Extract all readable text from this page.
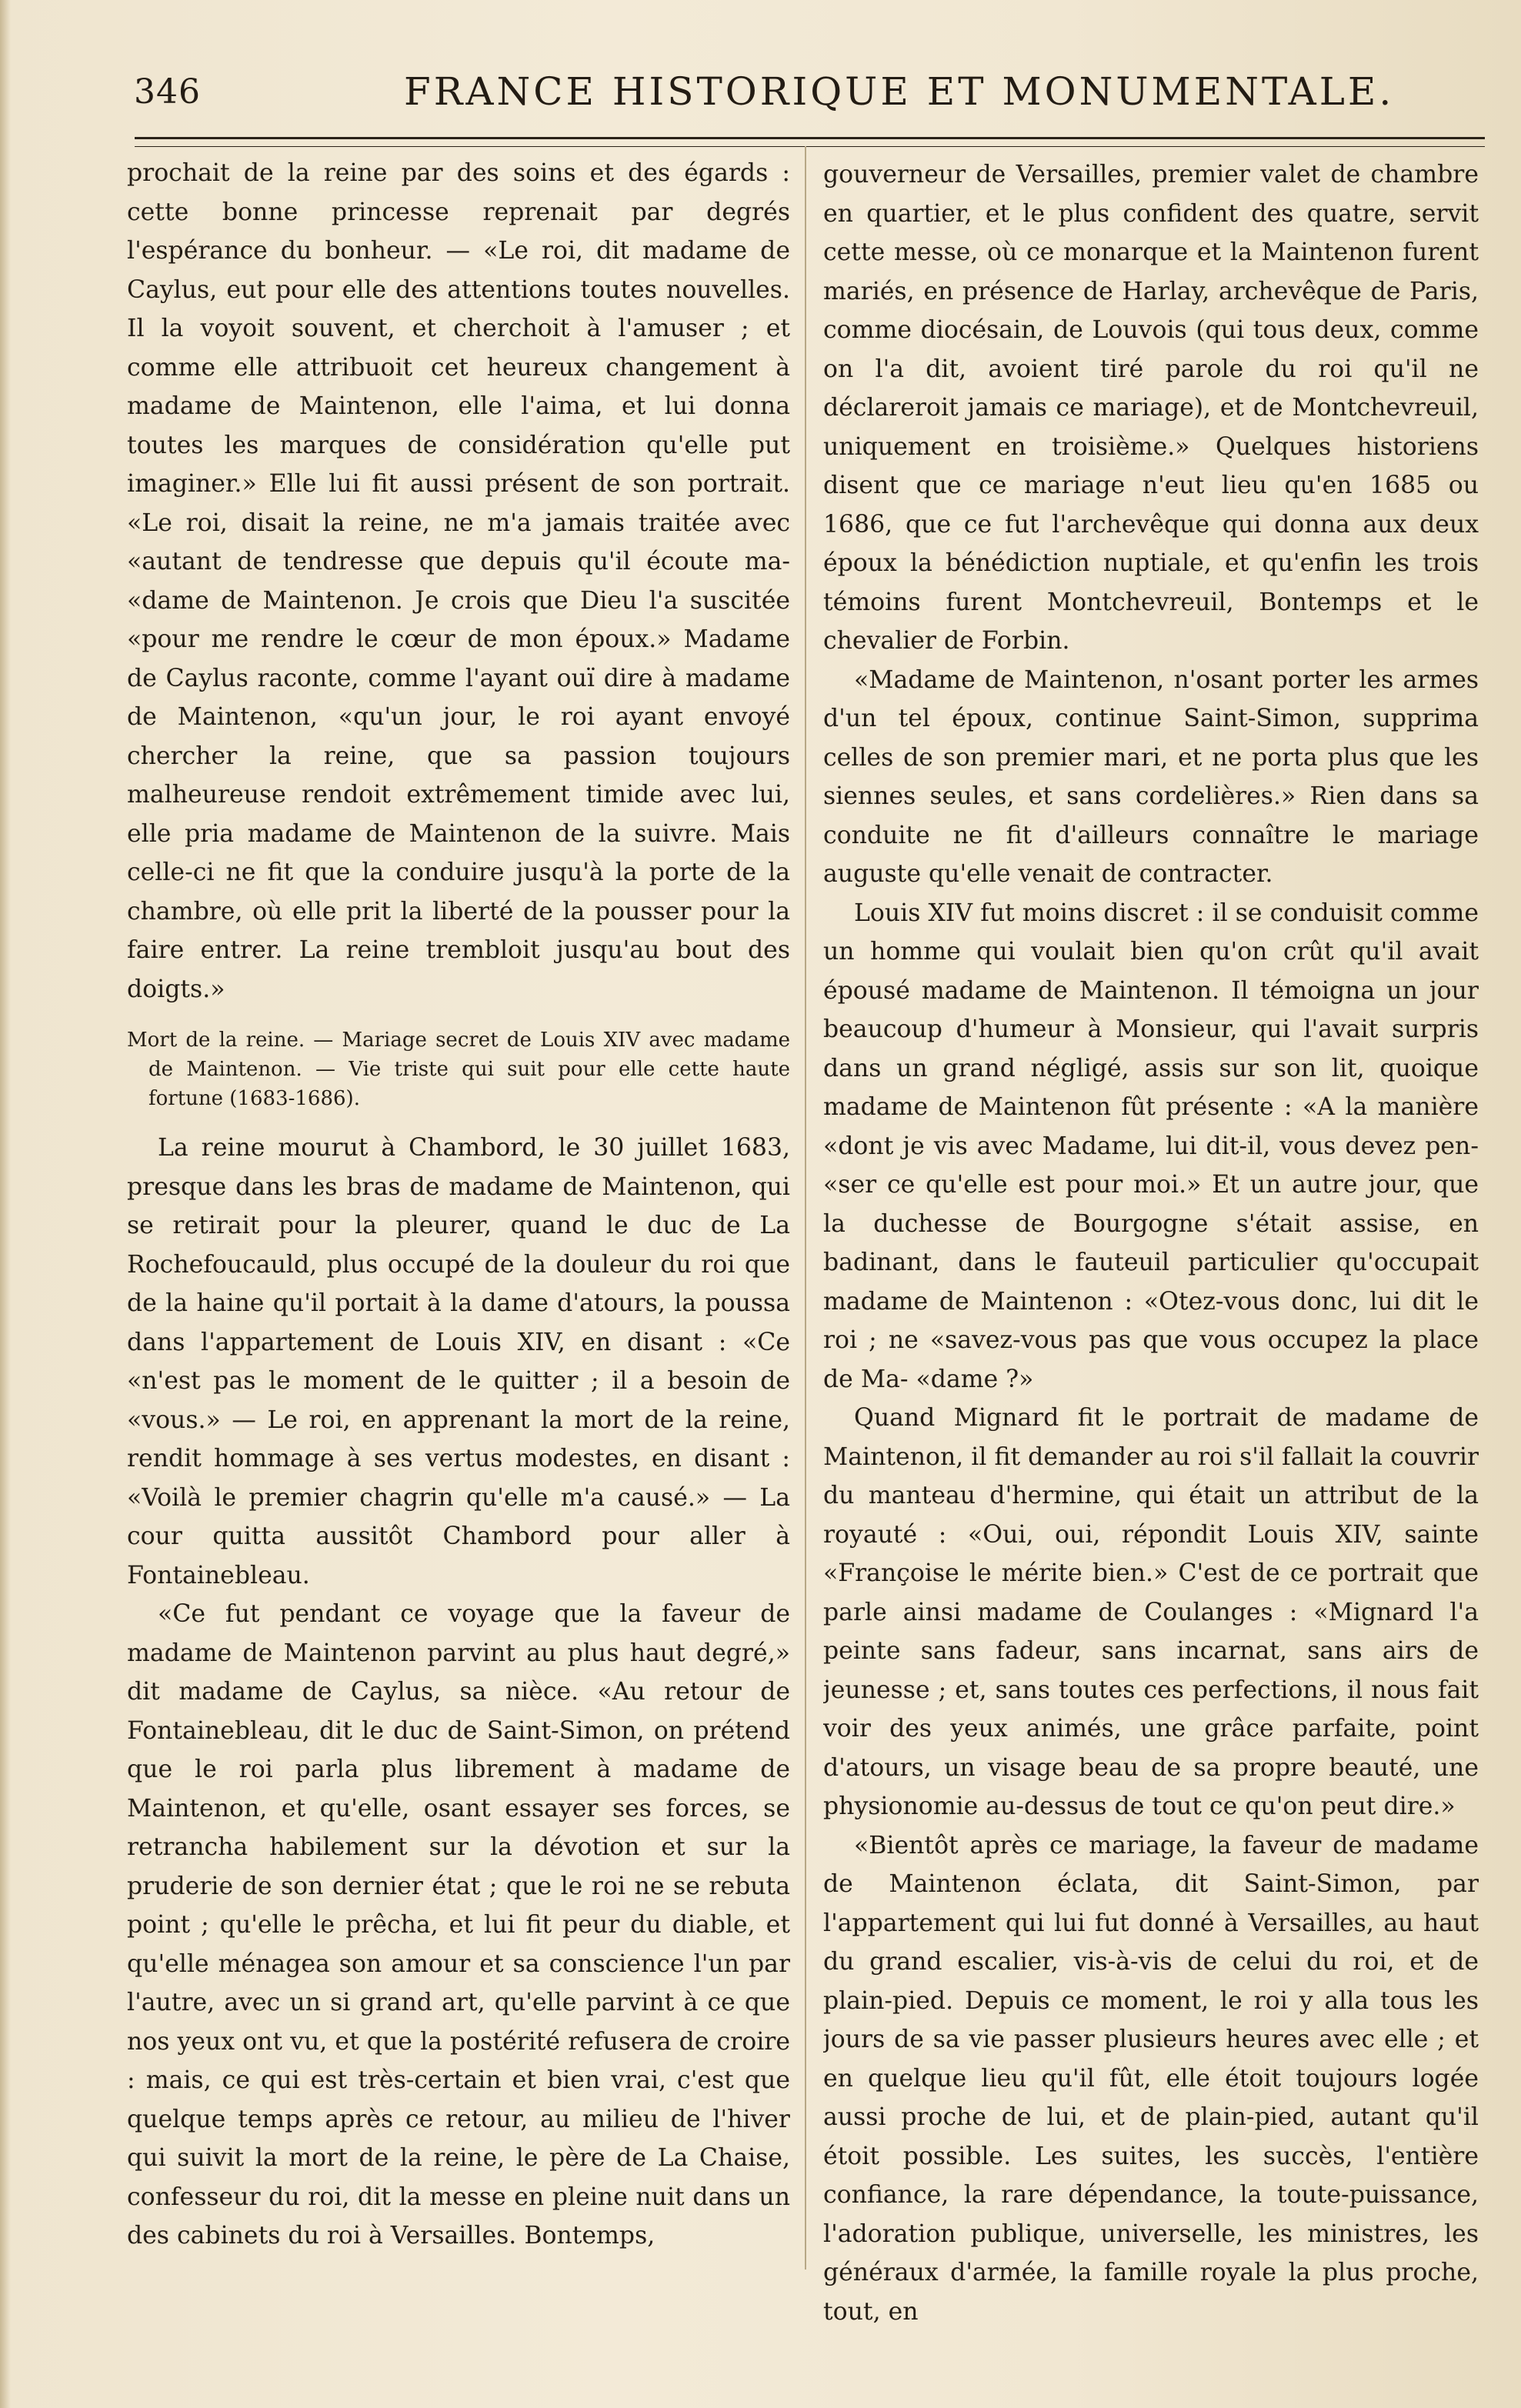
346	FRANCE HISTORIQUE ET MONUMENTALE.

prochait de la reine par des soins et des égards : cette bonne princesse reprenait par degrés l'espérance du bonheur. — «Le roi, dit madame de Caylus, eut pour elle des attentions toutes nouvelles. Il la voyoit souvent, et cherchoit à l'amuser ; et comme elle attribuoit cet heureux changement à madame de Maintenon, elle l'aima, et lui donna toutes les marques de considération qu'elle put imaginer.» Elle lui fit aussi présent de son portrait. «Le roi, disait la reine, ne m'a jamais traitée avec «autant de tendresse que depuis qu'il écoute ma- «dame de Maintenon. Je crois que Dieu l'a suscitée «pour me rendre le cœur de mon époux.» Madame de Caylus raconte, comme l'ayant ouï dire à madame de Maintenon, «qu'un jour, le roi ayant envoyé chercher la reine, que sa passion toujours malheureuse rendoit extrêmement timide avec lui, elle pria madame de Maintenon de la suivre. Mais celle-ci ne fit que la conduire jusqu'à la porte de la chambre, où elle prit la liberté de la pousser pour la faire entrer. La reine trembloit jusqu'au bout des doigts.»

Mort de la reine. — Mariage secret de Louis XIV avec madame de Maintenon. — Vie triste qui suit pour elle cette haute fortune (1683-1686).

La reine mourut à Chambord, le 30 juillet 1683, presque dans les bras de madame de Maintenon, qui se retirait pour la pleurer, quand le duc de La Rochefoucauld, plus occupé de la douleur du roi que de la haine qu'il portait à la dame d'atours, la poussa dans l'appartement de Louis XIV, en disant : «Ce «n'est pas le moment de le quitter ; il a besoin de «vous.» — Le roi, en apprenant la mort de la reine, rendit hommage à ses vertus modestes, en disant : «Voilà le premier chagrin qu'elle m'a causé.» — La cour quitta aussitôt Chambord pour aller à Fontainebleau.

«Ce fut pendant ce voyage que la faveur de madame de Maintenon parvint au plus haut degré,» dit madame de Caylus, sa nièce. «Au retour de Fontainebleau, dit le duc de Saint-Simon, on prétend que le roi parla plus librement à madame de Maintenon, et qu'elle, osant essayer ses forces, se retrancha habilement sur la dévotion et sur la pruderie de son dernier état ; que le roi ne se rebuta point ; qu'elle le prêcha, et lui fit peur du diable, et qu'elle ménagea son amour et sa conscience l'un par l'autre, avec un si grand art, qu'elle parvint à ce que nos yeux ont vu, et que la postérité refusera de croire : mais, ce qui est très-certain et bien vrai, c'est que quelque temps après ce retour, au milieu de l'hiver qui suivit la mort de la reine, le père de La Chaise, confesseur du roi, dit la messe en pleine nuit dans un des cabinets du roi à Versailles. Bontemps,

gouverneur de Versailles, premier valet de chambre en quartier, et le plus confident des quatre, servit cette messe, où ce monarque et la Maintenon furent mariés, en présence de Harlay, archevêque de Paris, comme diocésain, de Louvois (qui tous deux, comme on l'a dit, avoient tiré parole du roi qu'il ne déclareroit jamais ce mariage), et de Montchevreuil, uniquement en troisième.» Quelques historiens disent que ce mariage n'eut lieu qu'en 1685 ou 1686, que ce fut l'archevêque qui donna aux deux époux la bénédiction nuptiale, et qu'enfin les trois témoins furent Montchevreuil, Bontemps et le chevalier de Forbin.

«Madame de Maintenon, n'osant porter les armes d'un tel époux, continue Saint-Simon, supprima celles de son premier mari, et ne porta plus que les siennes seules, et sans cordelières.» Rien dans sa conduite ne fit d'ailleurs connaître le mariage auguste qu'elle venait de contracter.

Louis XIV fut moins discret : il se conduisit comme un homme qui voulait bien qu'on crût qu'il avait épousé madame de Maintenon. Il témoigna un jour beaucoup d'humeur à Monsieur, qui l'avait surpris dans un grand négligé, assis sur son lit, quoique madame de Maintenon fût présente : «A la manière «dont je vis avec Madame, lui dit-il, vous devez pen- «ser ce qu'elle est pour moi.» Et un autre jour, que la duchesse de Bourgogne s'était assise, en badinant, dans le fauteuil particulier qu'occupait madame de Maintenon : «Otez-vous donc, lui dit le roi ; ne «savez-vous pas que vous occupez la place de Ma- «dame ?»

Quand Mignard fit le portrait de madame de Maintenon, il fit demander au roi s'il fallait la couvrir du manteau d'hermine, qui était un attribut de la royauté : «Oui, oui, répondit Louis XIV, sainte «Françoise le mérite bien.» C'est de ce portrait que parle ainsi madame de Coulanges : «Mignard l'a peinte sans fadeur, sans incarnat, sans airs de jeunesse ; et, sans toutes ces perfections, il nous fait voir des yeux animés, une grâce parfaite, point d'atours, un visage beau de sa propre beauté, une physionomie au-dessus de tout ce qu'on peut dire.»

«Bientôt après ce mariage, la faveur de madame de Maintenon éclata, dit Saint-Simon, par l'appartement qui lui fut donné à Versailles, au haut du grand escalier, vis-à-vis de celui du roi, et de plain-pied. Depuis ce moment, le roi y alla tous les jours de sa vie passer plusieurs heures avec elle ; et en quelque lieu qu'il fût, elle étoit toujours logée aussi proche de lui, et de plain-pied, autant qu'il étoit possible. Les suites, les succès, l'entière confiance, la rare dépendance, la toute-puissance, l'adoration publique, universelle, les ministres, les généraux d'armée, la famille royale la plus proche, tout, en
